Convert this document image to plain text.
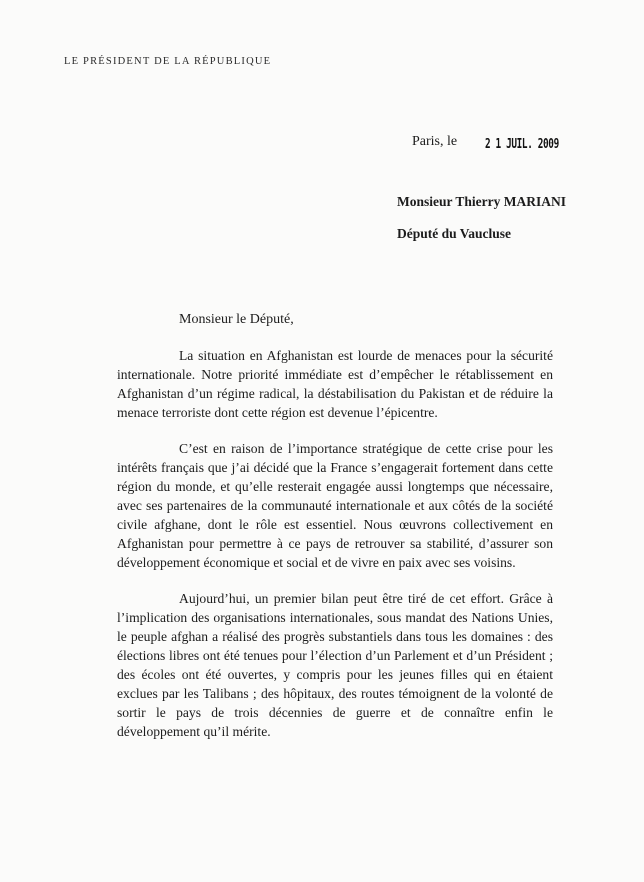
LE PRÉSIDENT DE LA RÉPUBLIQUE
Paris, le 2 1 JUIL. 2009
Monsieur Thierry MARIANI
Député du Vaucluse
Monsieur le Député,
La situation en Afghanistan est lourde de menaces pour la sécurité
internationale. Notre priorité immédiate est d’empêcher le rétablissement en
Afghanistan d’un régime radical, la déstabilisation du Pakistan et de réduire la
menace terroriste dont cette région est devenue l’épicentre.
C’est en raison de l’importance stratégique de cette crise pour les
intérêts français que j’ai décidé que la France s’engagerait fortement dans cette
région du monde, et qu’elle resterait engagée aussi longtemps que nécessaire,
avec ses partenaires de la communauté internationale et aux côtés de la société
civile afghane, dont le rôle est essentiel. Nous œuvrons collectivement en
Afghanistan pour permettre à ce pays de retrouver sa stabilité, d’assurer son
développement économique et social et de vivre en paix avec ses voisins.
Aujourd’hui, un premier bilan peut être tiré de cet effort. Grâce à
l’implication des organisations internationales, sous mandat des Nations Unies,
le peuple afghan a réalisé des progrès substantiels dans tous les domaines : des
élections libres ont été tenues pour l’élection d’un Parlement et d’un Président ;
des écoles ont été ouvertes, y compris pour les jeunes filles qui en étaient
exclues par les Talibans ; des hôpitaux, des routes témoignent de la volonté de
sortir le pays de trois décennies de guerre et de connaître enfin le
développement qu’il mérite.
